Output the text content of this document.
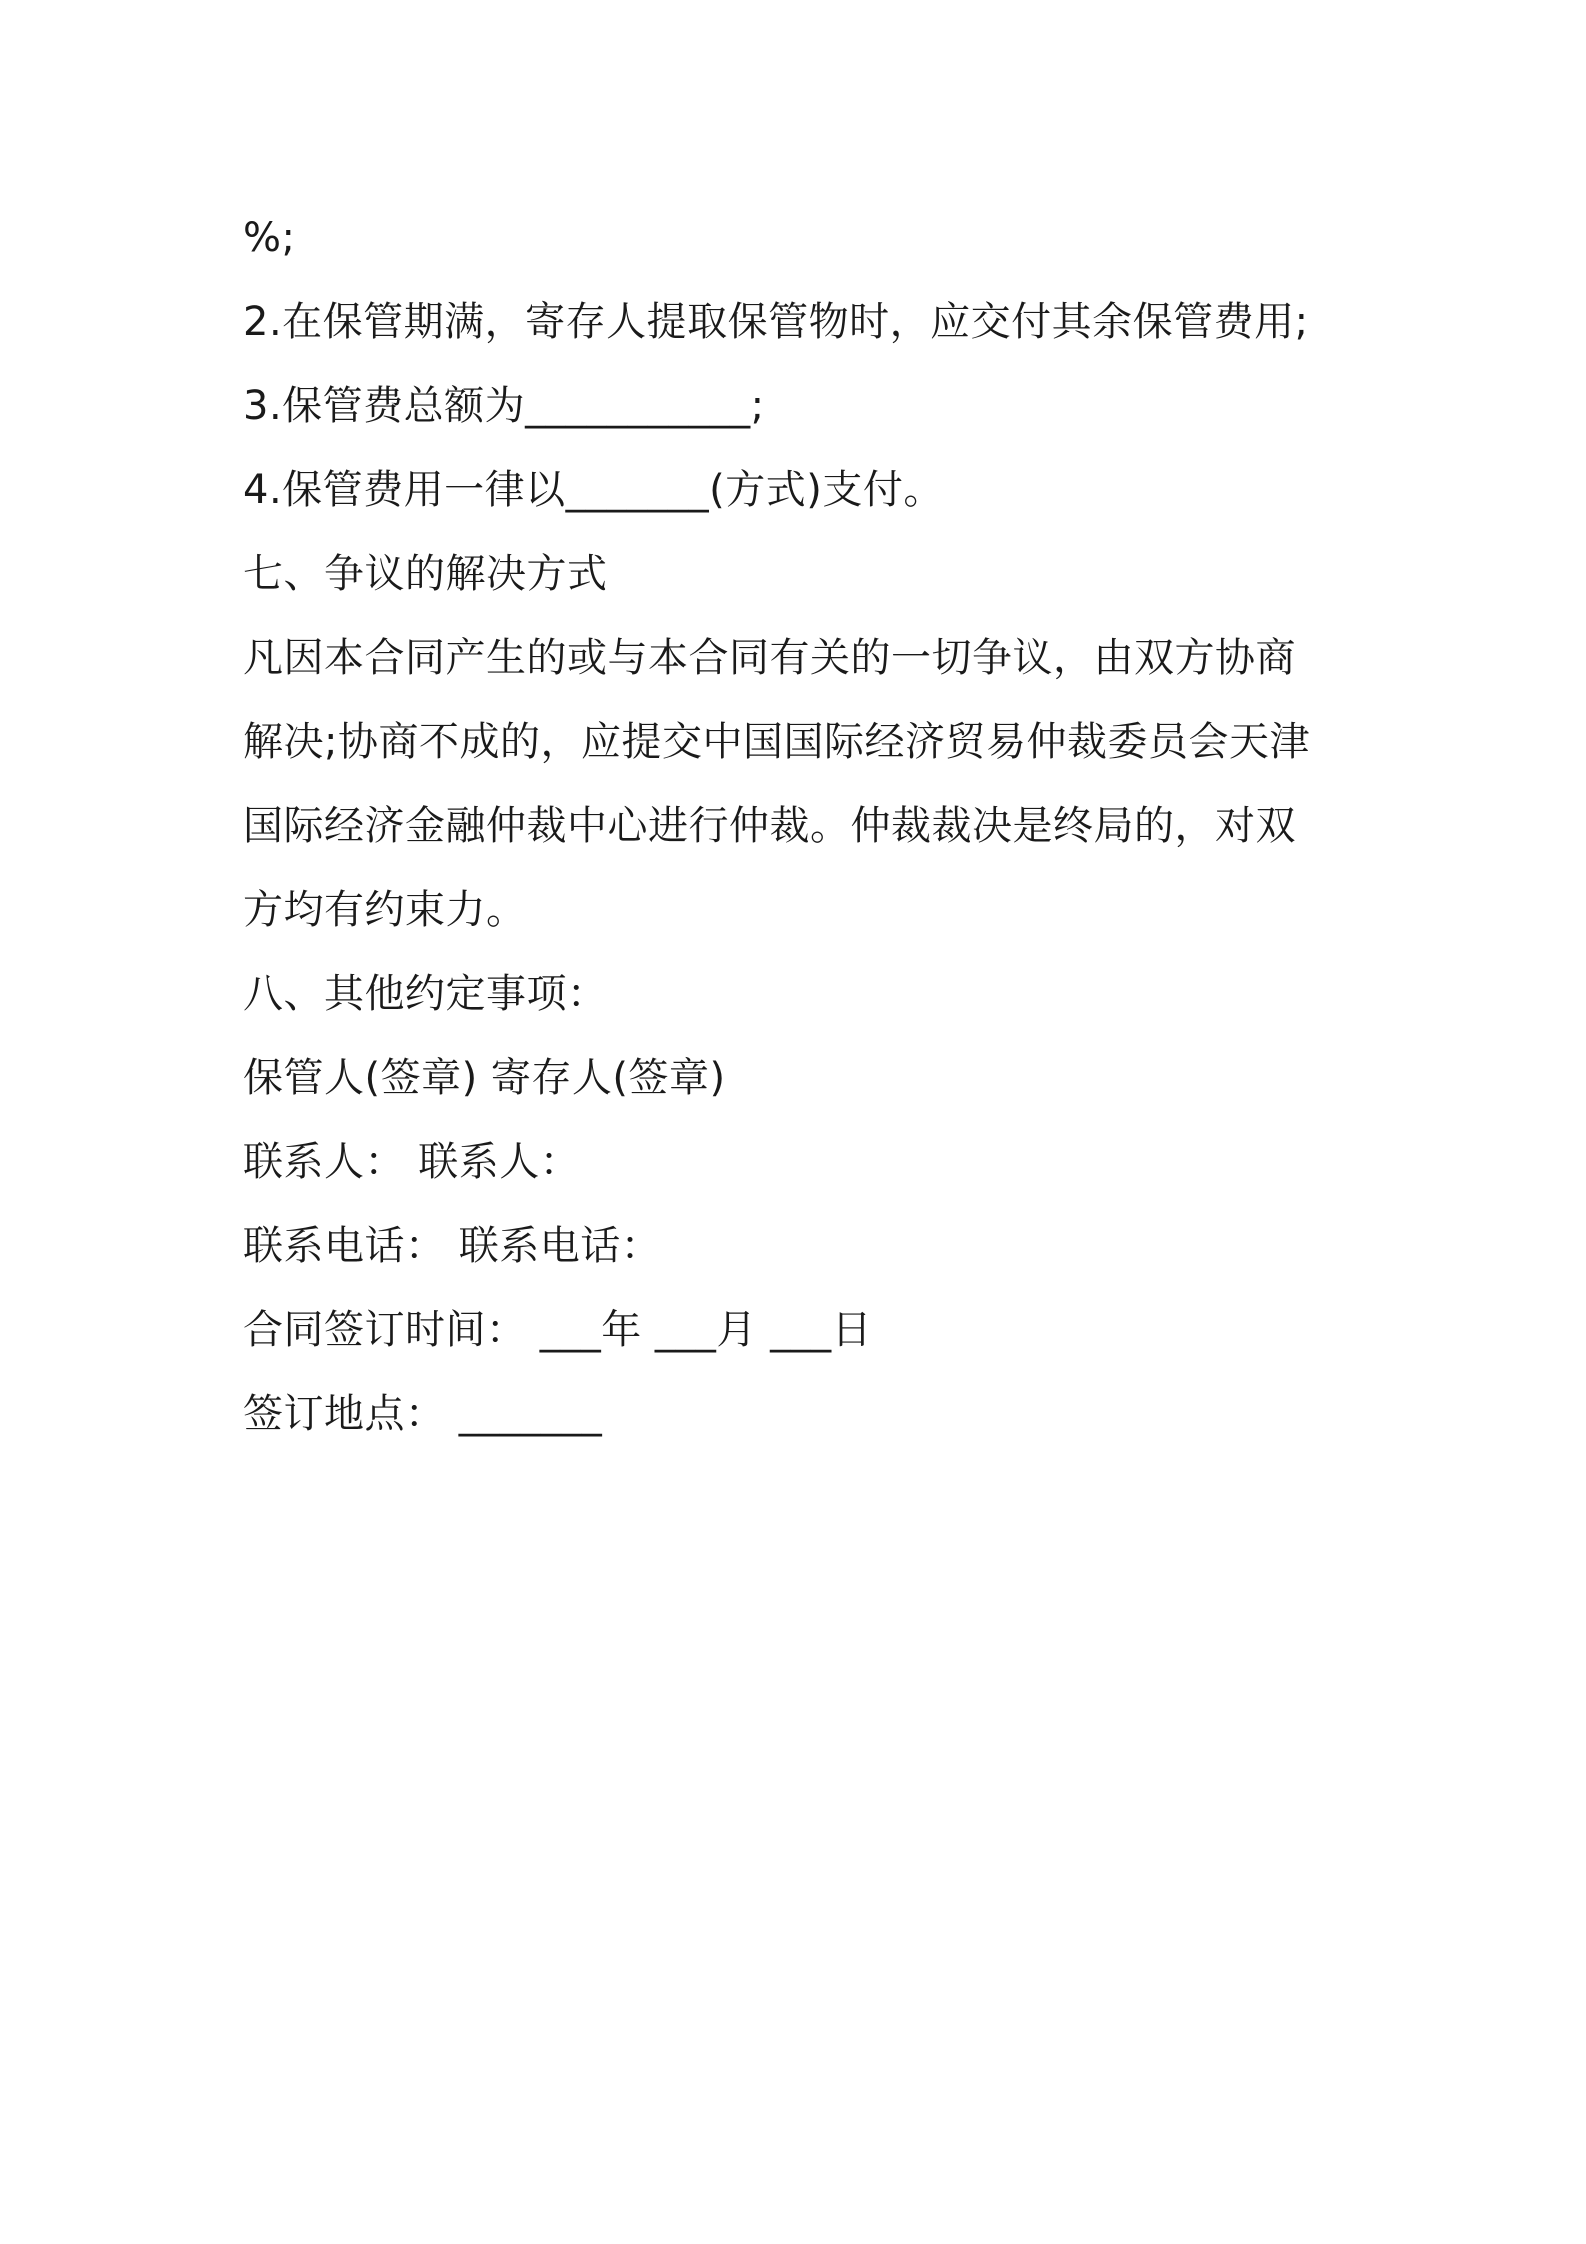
%;
2.在保管期满，寄存人提取保管物时，应交付其余保管费用;
3.保管费总额为___________;
4.保管费用一律以_______(方式)支付。
七、争议的解决方式
凡因本合同产生的或与本合同有关的一切争议，由双方协商
解决;协商不成的，应提交中国国际经济贸易仲裁委员会天津
国际经济金融仲裁中心进行仲裁。仲裁裁决是终局的，对双
方均有约束力。
八、其他约定事项：
保管人(签章) 寄存人(签章)
联系人： 联系人：
联系电话： 联系电话：
合同签订时间： ___年 ___月 ___日
签订地点： _______
